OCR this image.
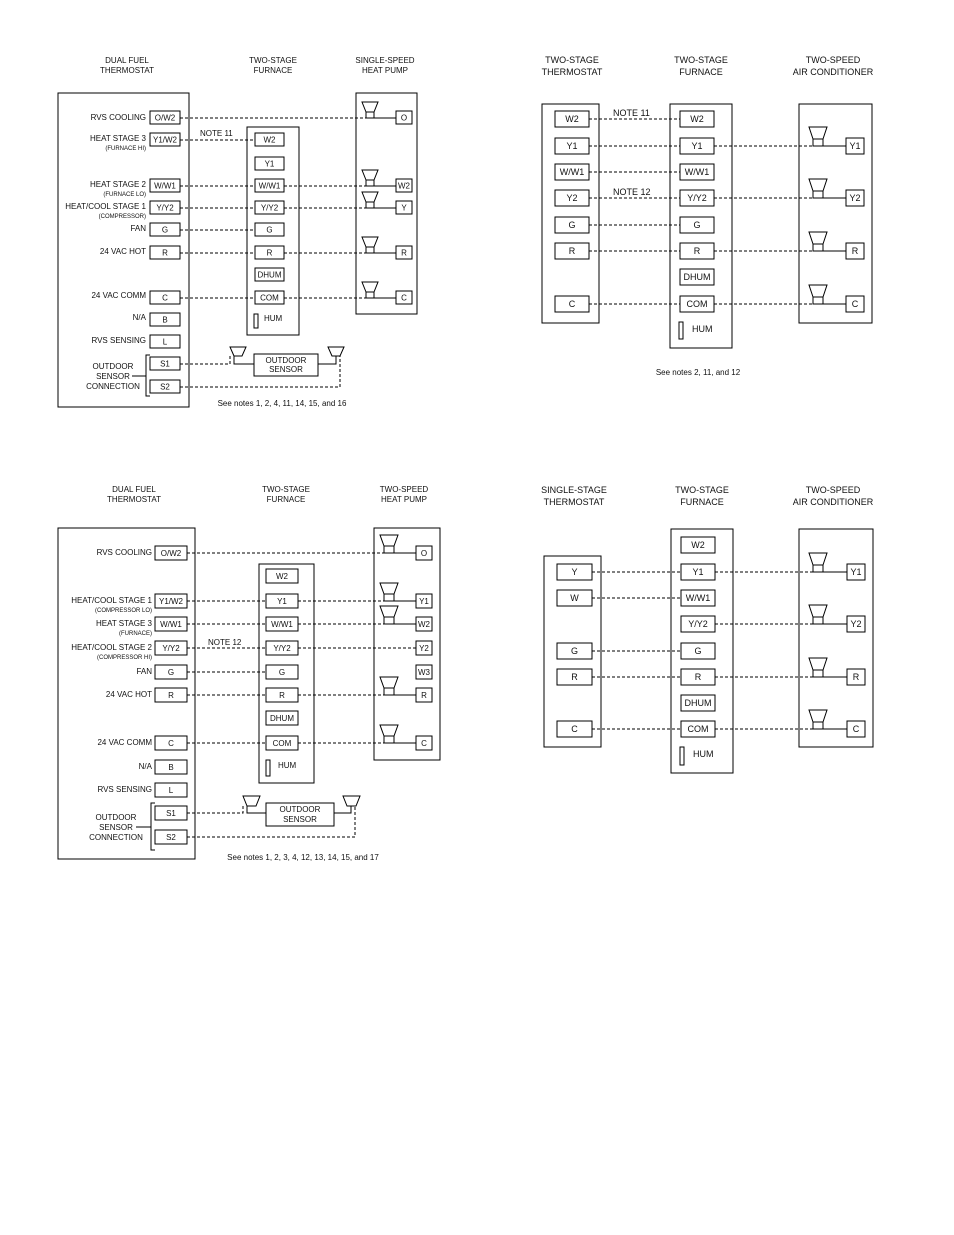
DUAL FUEL
THERMOSTAT
TWO-STAGE
FURNACE
SINGLE-SPEED
HEAT PUMP
RVS COOLING O/W2
HEAT STAGE 3
(FURNACE HI)
Y1/W2
HEAT STAGE 2
(FURNACE LO)
W/W1
HEAT/COOL STAGE 1
(COMPRESSOR)
Y/Y2
FAN G
24 VAC HOT R
24 VAC COMM C
N/A B
RVS SENSING L
S1
S2
OUTDOOR
SENSOR
CONNECTION
W2
Y1
W/W1
Y/Y2
G
R
DHUM
COM
HUM
O
W2
Y
R
C
NOTE 11
OUTDOOR
SENSOR
See notes 1, 2, 4, 11, 14, 15, and 16
TWO-STAGE
THERMOSTAT
TWO-STAGE
FURNACE
TWO-SPEED
AIR CONDITIONER
W2
Y1
W/W1
Y2
G
R
C
W2
Y1
W/W1
Y/Y2
G
R
DHUM
COM
HUM
Y1
Y2
R
C
NOTE 11
NOTE 12
See notes 2, 11, and 12
DUAL FUEL
THERMOSTAT
TWO-STAGE
FURNACE
TWO-SPEED
HEAT PUMP
RVS COOLING O/W2
HEAT/COOL STAGE 1
(COMPRESSOR LO)
Y1/W2
HEAT STAGE 3
(FURNACE)
W/W1
HEAT/COOL STAGE 2
(COMPRESSOR HI)
Y/Y2
FAN G
24 VAC HOT R
24 VAC COMM C
N/A B
RVS SENSING L
S1
S2
OUTDOOR
SENSOR
CONNECTION
W2
Y1
W/W1
Y/Y2
G
R
DHUM
COM
HUM
O
Y1
W2
Y2
W3
R
C
NOTE 12
OUTDOOR
SENSOR
See notes 1, 2, 3, 4, 12, 13, 14, 15, and 17
SINGLE-STAGE
THERMOSTAT
TWO-STAGE
FURNACE
TWO-SPEED
AIR CONDITIONER
Y
W
G
R
C
W2
Y1
W/W1
Y/Y2
G
R
DHUM
COM
HUM
Y1
Y2
R
C
